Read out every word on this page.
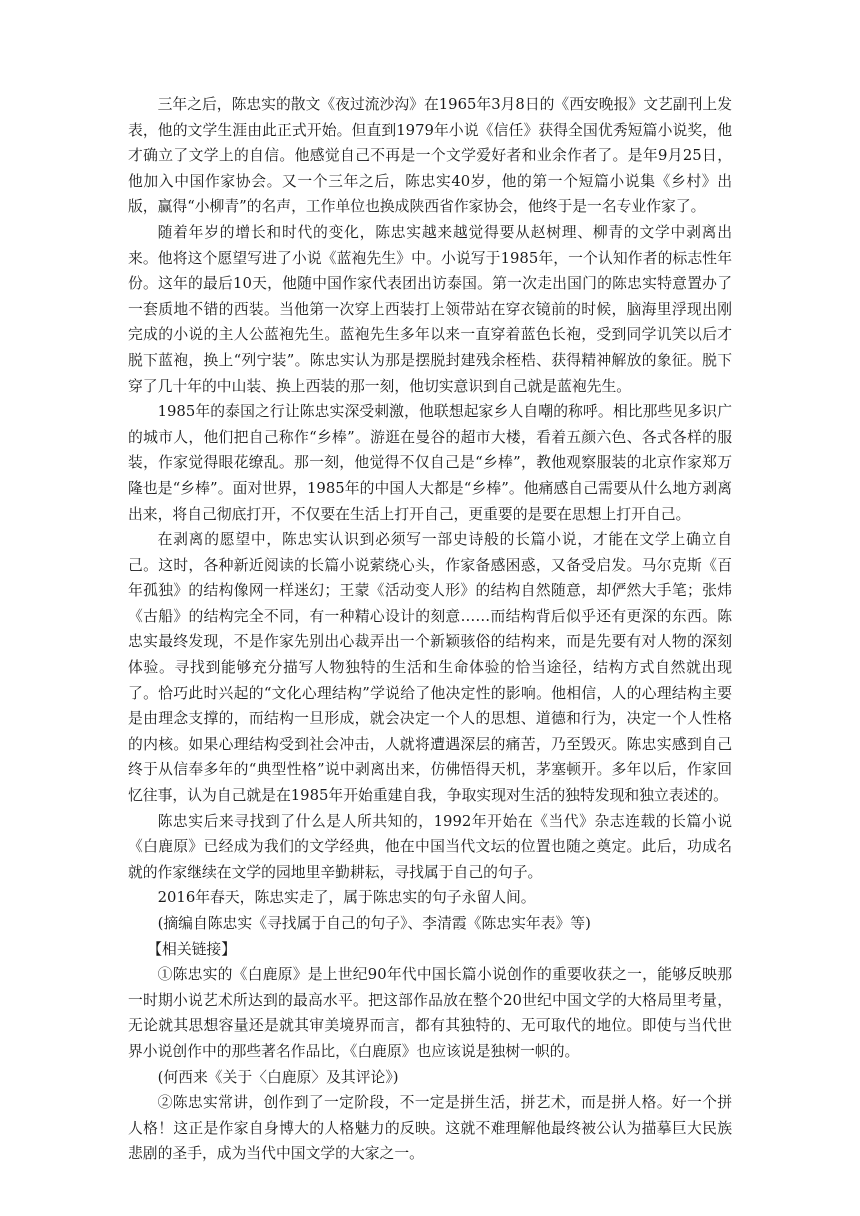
三年之后，陈忠实的散文《夜过流沙沟》在1965年3月8日的《西安晚报》文艺副刊上发表，他的文学生涯由此正式开始。但直到1979年小说《信任》获得全国优秀短篇小说奖，他才确立了文学上的自信。他感觉自己不再是一个文学爱好者和业余作者了。是年9月25日，他加入中国作家协会。又一个三年之后，陈忠实40岁，他的第一个短篇小说集《乡村》出版，赢得“小柳青”的名声，工作单位也换成陕西省作家协会，他终于是一名专业作家了。

随着年岁的增长和时代的变化，陈忠实越来越觉得要从赵树理、柳青的文学中剥离出来。他将这个愿望写进了小说《蓝袍先生》中。小说写于1985年，一个认知作者的标志性年份。这年的最后10天，他随中国作家代表团出访泰国。第一次走出国门的陈忠实特意置办了一套质地不错的西装。当他第一次穿上西装打上领带站在穿衣镜前的时候，脑海里浮现出刚完成的小说的主人公蓝袍先生。蓝袍先生多年以来一直穿着蓝色长袍，受到同学讥笑以后才脱下蓝袍，换上“列宁装”。陈忠实认为那是摆脱封建残余桎梏、获得精神解放的象征。脱下穿了几十年的中山装、换上西装的那一刻，他切实意识到自己就是蓝袍先生。

1985年的泰国之行让陈忠实深受刺激，他联想起家乡人自嘲的称呼。相比那些见多识广的城市人，他们把自己称作“乡棒”。游逛在曼谷的超市大楼，看着五颜六色、各式各样的服装，作家觉得眼花缭乱。那一刻，他觉得不仅自己是“乡棒”，教他观察服装的北京作家郑万隆也是“乡棒”。面对世界，1985年的中国人大都是“乡棒”。他痛感自己需要从什么地方剥离出来，将自己彻底打开，不仅要在生活上打开自己，更重要的是要在思想上打开自己。

在剥离的愿望中，陈忠实认识到必须写一部史诗般的长篇小说，才能在文学上确立自己。这时，各种新近阅读的长篇小说萦绕心头，作家备感困惑，又备受启发。马尔克斯《百年孤独》的结构像网一样迷幻；王蒙《活动变人形》的结构自然随意，却俨然大手笔；张炜《古船》的结构完全不同，有一种精心设计的刻意……而结构背后似乎还有更深的东西。陈忠实最终发现，不是作家先别出心裁弄出一个新颖骇俗的结构来，而是先要有对人物的深刻体验。寻找到能够充分描写人物独特的生活和生命体验的恰当途径，结构方式自然就出现了。恰巧此时兴起的“文化心理结构”学说给了他决定性的影响。他相信，人的心理结构主要是由理念支撑的，而结构一旦形成，就会决定一个人的思想、道德和行为，决定一个人性格的内核。如果心理结构受到社会冲击，人就将遭遇深层的痛苦，乃至毁灭。陈忠实感到自己终于从信奉多年的“典型性格”说中剥离出来，仿佛悟得天机，茅塞顿开。多年以后，作家回忆往事，认为自己就是在1985年开始重建自我，争取实现对生活的独特发现和独立表述的。

陈忠实后来寻找到了什么是人所共知的，1992年开始在《当代》杂志连载的长篇小说《白鹿原》已经成为我们的文学经典，他在中国当代文坛的位置也随之奠定。此后，功成名就的作家继续在文学的园地里辛勤耕耘，寻找属于自己的句子。

2016年春天，陈忠实走了，属于陈忠实的句子永留人间。

(摘编自陈忠实《寻找属于自己的句子》、李清霞《陈忠实年表》等)

【相关链接】

①陈忠实的《白鹿原》是上世纪90年代中国长篇小说创作的重要收获之一，能够反映那一时期小说艺术所达到的最高水平。把这部作品放在整个20世纪中国文学的大格局里考量，无论就其思想容量还是就其审美境界而言，都有其独特的、无可取代的地位。即使与当代世界小说创作中的那些著名作品比，《白鹿原》也应该说是独树一帜的。

(何西来《关于〈白鹿原〉及其评论》)

②陈忠实常讲，创作到了一定阶段，不一定是拼生活，拼艺术，而是拼人格。好一个拼人格！这正是作家自身博大的人格魅力的反映。这就不难理解他最终被公认为描摹巨大民族悲剧的圣手，成为当代中国文学的大家之一。
